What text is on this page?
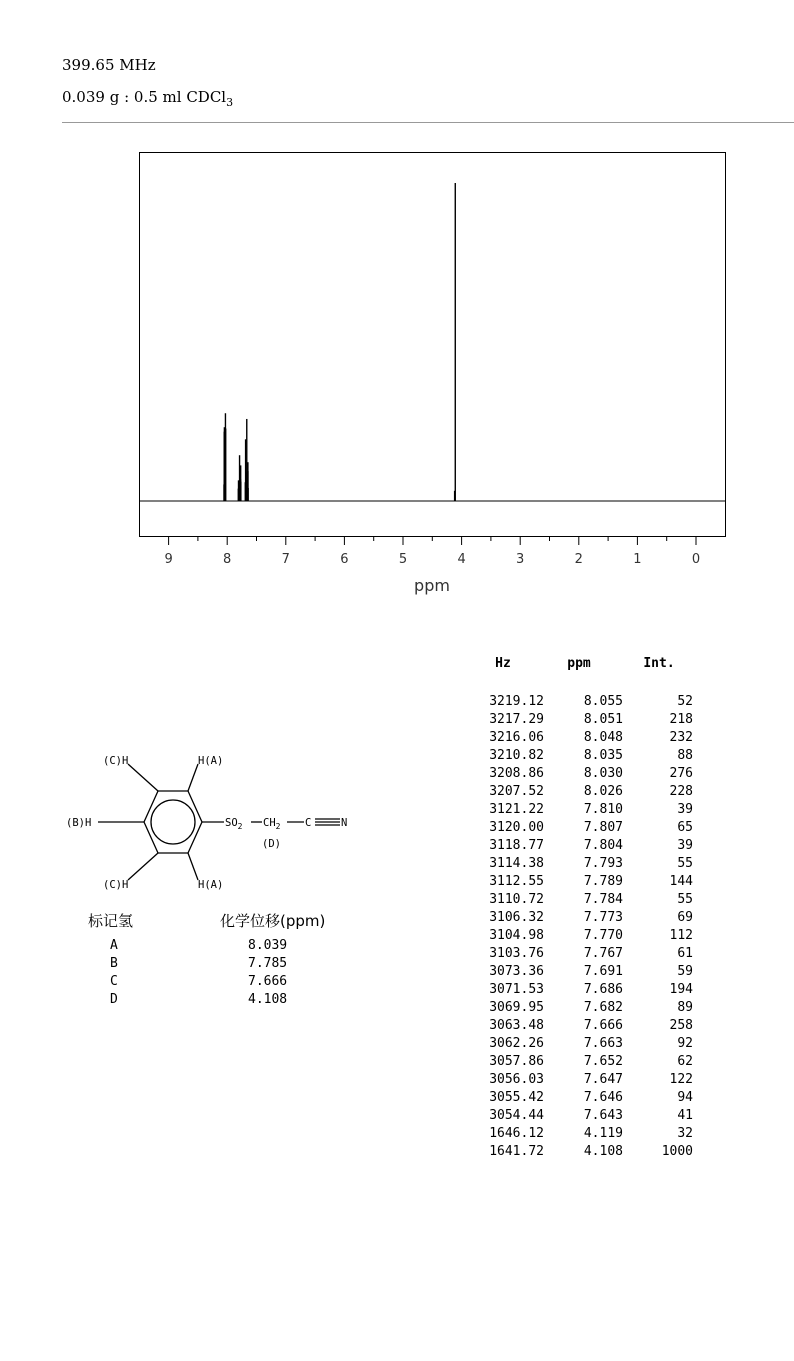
399.65 MHz
0.039 g : 0.5 ml CDCl$_3$
9	8	7	6	5	4	3	2	1	0
ppm
(C)H	H(A)
(B)H
(C)H	H(A)
$SO_2$ $CH_2$ C	N
(D)
标记氢	化学位移(ppm)
A	8.039
B	7.785
C	7.666
D	4.108
Hz	ppm	Int.
3219.12	8.055	52
3217.29	8.051	218
3216.06	8.048	232
3210.82	8.035	88
3208.86	8.030	276
3207.52	8.026	228
3121.22	7.810	39
3120.00	7.807	65
3118.77	7.804	39
3114.38	7.793	55
3112.55	7.789	144
3110.72	7.784	55
3106.32	7.773	69
3104.98	7.770	112
3103.76	7.767	61
3073.36	7.691	59
3071.53	7.686	194
3069.95	7.682	89
3063.48	7.666	258
3062.26	7.663	92
3057.86	7.652	62
3056.03	7.647	122
3055.42	7.646	94
3054.44	7.643	41
1646.12	4.119	32
1641.72	4.108	1000
